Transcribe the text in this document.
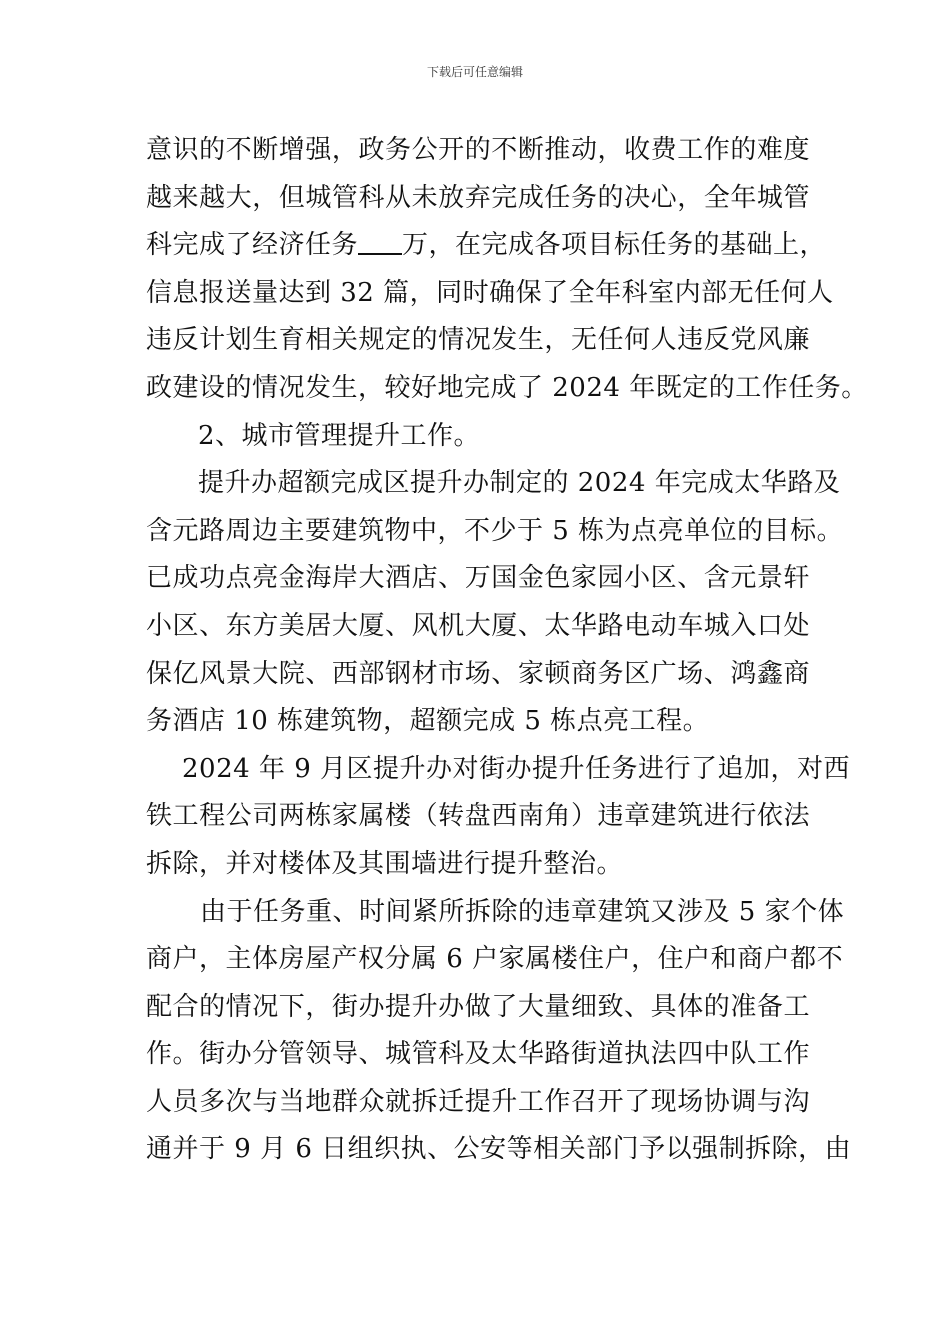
下载后可任意编辑
意识的不断增强，政务公开的不断推动，收费工作的难度
越来越大，但城管科从未放弃完成任务的决心，全年城管
科完成了经济任务 万，在完成各项目标任务的基础上，
信息报送量达到 32 篇，同时确保了全年科室内部无任何人
违反计划生育相关规定的情况发生，无任何人违反党风廉
政建设的情况发生，较好地完成了 2024 年既定的工作任务。
2、城市管理提升工作。
提升办超额完成区提升办制定的 2024 年完成太华路及
含元路周边主要建筑物中，不少于 5 栋为点亮单位的目标。
已成功点亮金海岸大酒店、万国金色家园小区、含元景轩
小区、东方美居大厦、风机大厦、太华路电动车城入口处
保亿风景大院、西部钢材市场、家顿商务区广场、鸿鑫商
务酒店 10 栋建筑物，超额完成 5 栋点亮工程。
2024 年 9 月区提升办对街办提升任务进行了追加，对西
铁工程公司两栋家属楼（转盘西南角）违章建筑进行依法
拆除，并对楼体及其围墙进行提升整治。
由于任务重、时间紧所拆除的违章建筑又涉及 5 家个体
商户，主体房屋产权分属 6 户家属楼住户，住户和商户都不
配合的情况下，街办提升办做了大量细致、具体的准备工
作。街办分管领导、城管科及太华路街道执法四中队工作
人员多次与当地群众就拆迁提升工作召开了现场协调与沟
通并于 9 月 6 日组织执、公安等相关部门予以强制拆除，由
